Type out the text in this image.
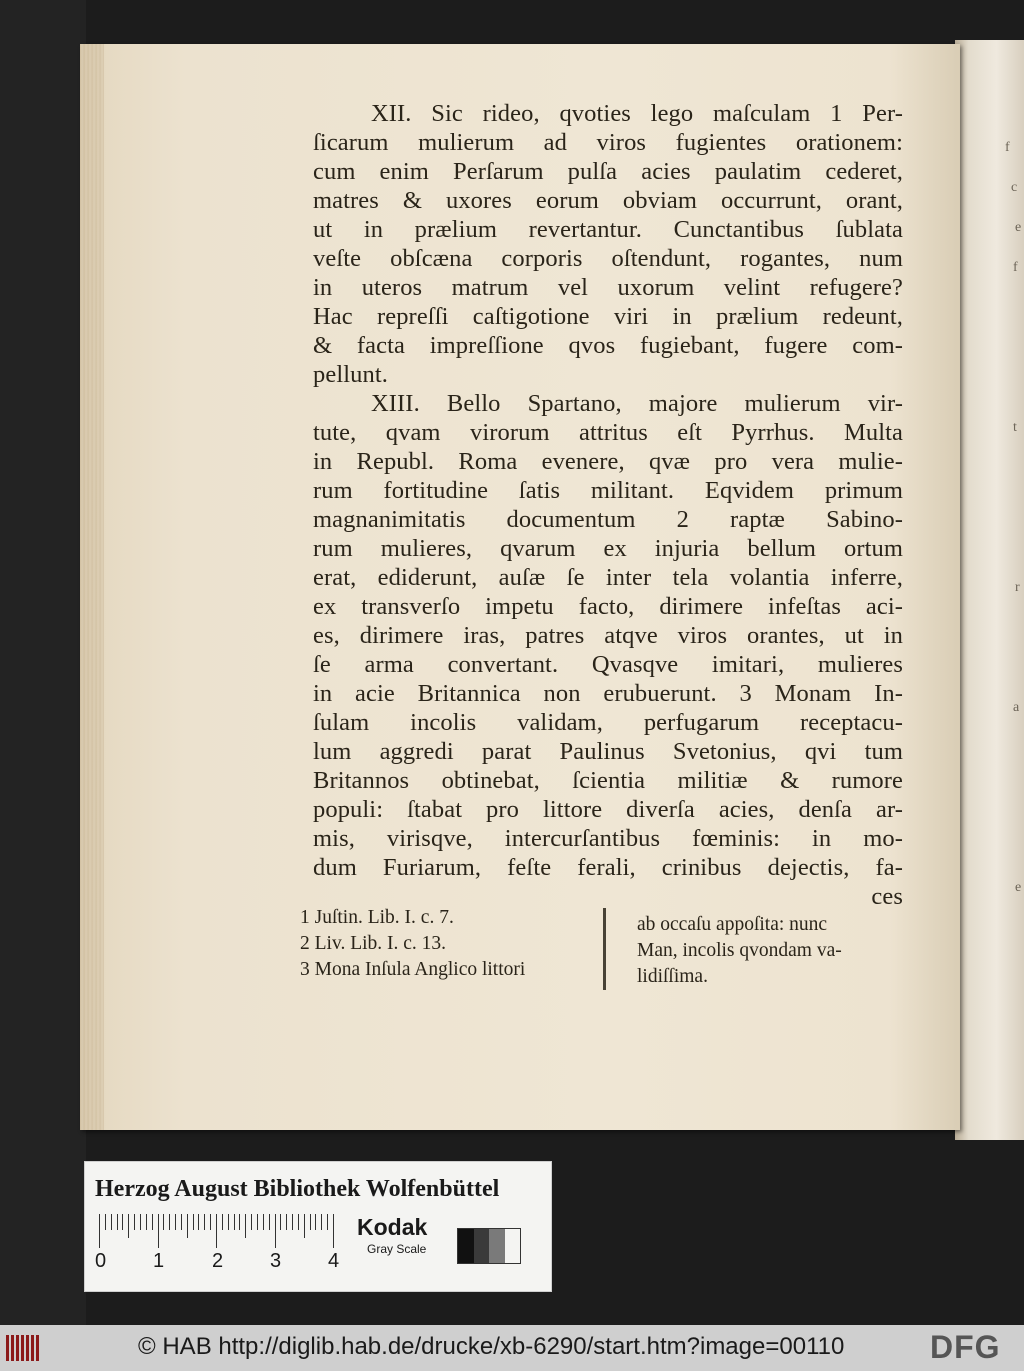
f
c
e
f
t
r
a
e
XII. Sic rideo, qvoties lego maſculam 1 Per-
ſicarum mulierum ad viros fugientes orationem:
cum enim Perſarum pulſa acies paulatim cederet,
matres & uxores eorum obviam occurrunt, orant,
ut in prælium revertantur. Cunctantibus ſublata
veſte obſcæna corporis oſtendunt, rogantes, num
in uteros matrum vel uxorum velint refugere?
Hac repreſſi caſtigotione viri in prælium redeunt,
& facta impreſſione qvos fugiebant, fugere com-
pellunt.
XIII. Bello Spartano, majore mulierum vir-
tute, qvam virorum attritus eſt Pyrrhus. Multa
in Republ. Roma evenere, qvæ pro vera mulie-
rum fortitudine ſatis militant. Eqvidem primum
magnanimitatis documentum 2 raptæ Sabino-
rum mulieres, qvarum ex injuria bellum ortum
erat, ediderunt, auſæ ſe inter tela volantia inferre,
ex transverſo impetu facto, dirimere infeſtas aci-
es, dirimere iras, patres atqve viros orantes, ut in
ſe arma convertant. Qvasqve imitari, mulieres
in acie Britannica non erubuerunt. 3 Monam In-
ſulam incolis validam, perfugarum receptacu-
lum aggredi parat Paulinus Svetonius, qvi tum
Britannos obtinebat, ſcientia militiæ & rumore
populi: ſtabat pro littore diverſa acies, denſa ar-
mis, virisqve, intercurſantibus fœminis: in mo-
dum Furiarum, feſte ferali, crinibus dejectis, fa-
ces
1 Juſtin. Lib. I. c. 7.
2 Liv. Lib. I. c. 13.
3 Mona Inſula Anglico littori
ab occaſu appoſita: nunc
Man, incolis qvondam va-
lidiſſima.
Herzog August Bibliothek Wolfenbüttel
0 1 2 3 4
Kodak
Gray Scale
© HAB http://diglib.hab.de/drucke/xb-6290/start.htm?image=00110	DFG
